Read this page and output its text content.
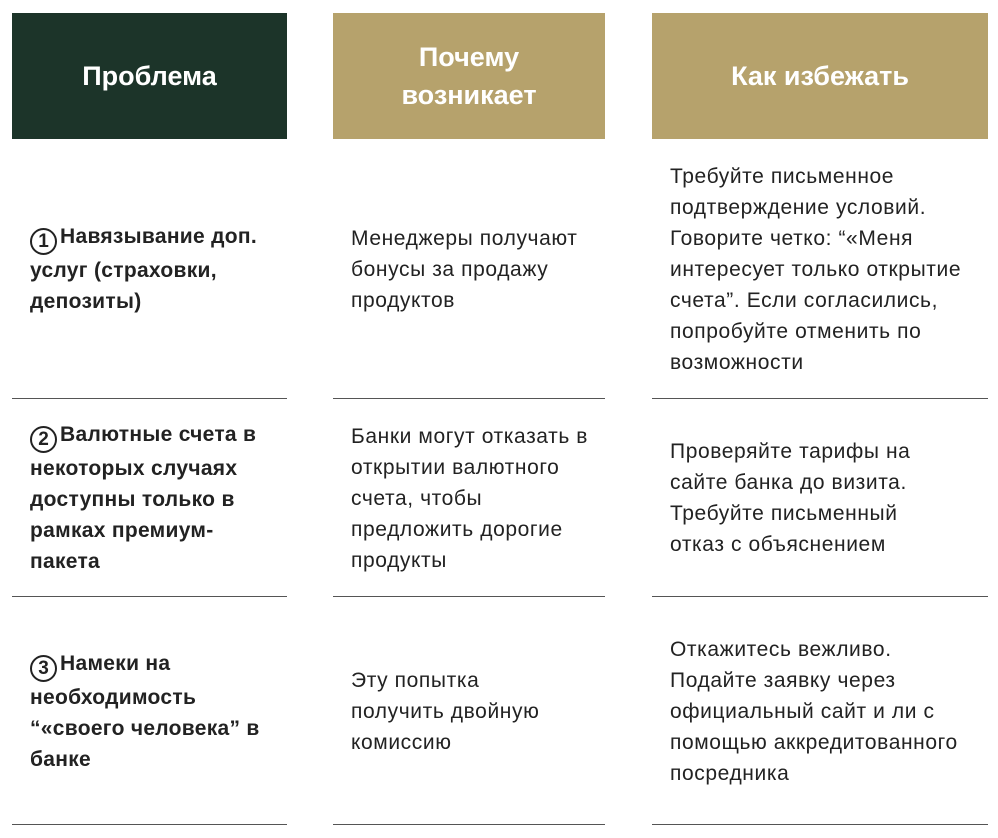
Проблема
Почему возникает
Как избежать
1 Навязывание доп. услуг (страховки, депозиты)
Менеджеры получают бонусы за продажу продуктов
Требуйте письменное подтверждение условий. Говорите четко: “«Меня интересует только открытие счета”. Если согласились, попробуйте отменить по возможности
2 Валютные счета в некоторых случаях доступны только в рамках премиум-пакета
Банки могут отказать в открытии валютного счета, чтобы предложить дорогие продукты
Проверяйте тарифы на сайте банка до визита. Требуйте письменный отказ с объяснением
3 Намеки на необходимость “«своего человека” в банке
Эту попытка получить двойную комиссию
Откажитесь вежливо. Подайте заявку через официальный сайт и ли с помощью аккредитованного посредника
